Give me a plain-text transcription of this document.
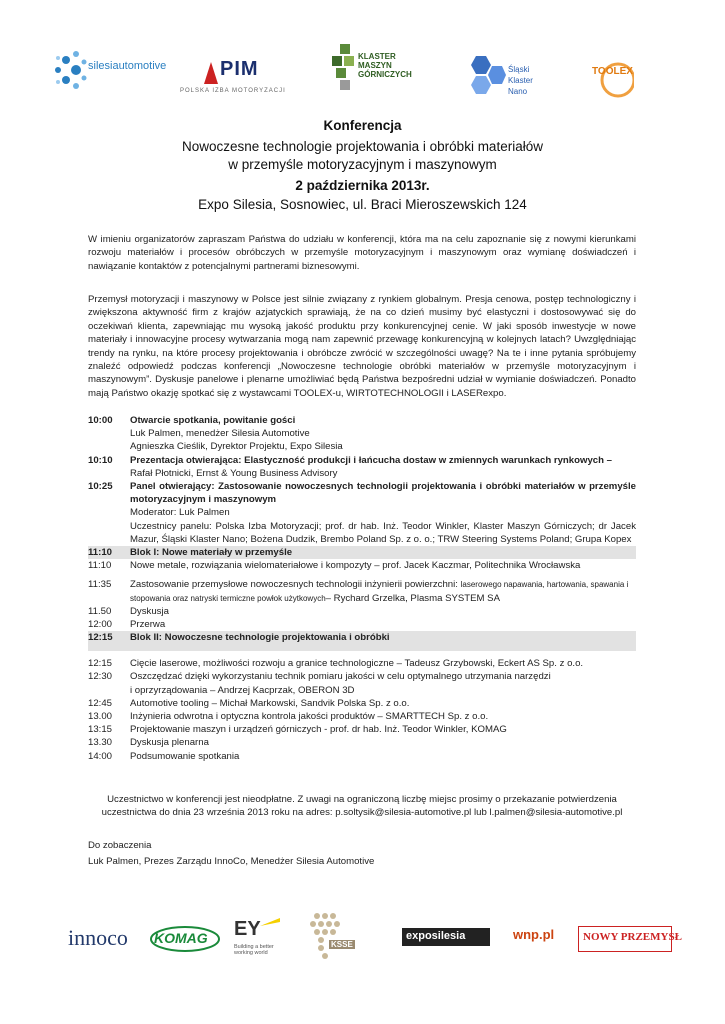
silesiautomotive	PIM
POLSKA IZBA MOTORYZACJI
KLASTER MASZYN GÓRNICZYCH
Śląski Klaster Nano
TOOLEX
Konferencja
Nowoczesne technologie projektowania i obróbki materiałów
w przemyśle motoryzacyjnym i maszynowym
2 października 2013r.
Expo Silesia, Sosnowiec, ul. Braci Mieroszewskich 124
W imieniu organizatorów zapraszam Państwa do udziału w konferencji, która ma na celu zapoznanie się z nowymi kierunkami rozwoju materiałów i procesów obróbczych w przemyśle motoryzacyjnym i maszynowym oraz wymianę doświadczeń i nawiązanie kontaktów z potencjalnymi partnerami biznesowymi.
Przemysł motoryzacji i maszynowy w Polsce jest silnie związany z rynkiem globalnym. Presja cenowa, postęp technologiczny i zwiększona aktywność firm z krajów azjatyckich sprawiają, że na co dzień musimy być elastyczni i dostosowywać się do oczekiwań klienta, zapewniając mu wysoką jakość produktu przy konkurencyjnej cenie. W jaki sposób inwestycje w nowe materiały i innowacyjne procesy wytwarzania mogą nam zapewnić przewagę konkurencyjną w kolejnych latach? Uwzględniając trendy na rynku, na które procesy projektowania i obróbcze zwrócić w szczególności uwagę? Na te i inne pytania spróbujemy znaleźć odpowiedź podczas konferencji „Nowoczesne technologie obróbki materiałów w przemyśle motoryzacyjnym i maszynowym”. Dyskusje panelowe i plenarne umożliwiać będą Państwa bezpośredni udział w wymianie doświadczeń. Ponadto mają Państwo okazję spotkać się z wystawcami TOOLEX-u, WIRTOTECHNOLOGII i LASERexpo.
10:00	Otwarcie spotkania, powitanie gości
Luk Palmen, menedżer Silesia Automotive
Agnieszka Cieślik, Dyrektor Projektu, Expo Silesia
10:10	Prezentacja otwierająca: Elastyczność produkcji i łańcucha dostaw w zmiennych warunkach rynkowych –
Rafał Płotnicki, Ernst & Young Business Advisory
10:25	Panel otwierający: Zastosowanie nowoczesnych technologii projektowania i obróbki materiałów w przemyśle motoryzacyjnym i maszynowym
Moderator: Luk Palmen
Uczestnicy panelu: Polska Izba Motoryzacji; prof. dr hab. Inż. Teodor Winkler, Klaster Maszyn Górniczych; dr Jacek Mazur, Śląski Klaster Nano; Bożena Dudzik, Brembo Poland Sp. z o. o.; TRW Steering Systems Poland; Grupa Kopex
11:10	Blok I: Nowe materiały w przemyśle
11:10	Nowe metale, rozwiązania wielomateriałowe i kompozyty – prof. Jacek Kaczmar, Politechnika Wrocławska
11:35	Zastosowanie przemysłowe nowoczesnych technologii inżynierii powierzchni: laserowego napawania, hartowania, spawania i stopowania oraz natryski termiczne powłok użytkowych– Rychard Grzelka, Plasma SYSTEM SA
11.50	Dyskusja
12:00	Przerwa
12:15	Blok II: Nowoczesne technologie projektowania i obróbki
12:15	Cięcie laserowe, możliwości rozwoju a granice technologiczne – Tadeusz Grzybowski, Eckert AS Sp. z o.o.
12:30	Oszczędzać dzięki wykorzystaniu technik pomiaru jakości w celu optymalnego utrzymania narzędzi
i oprzyrządowania – Andrzej Kacprzak, OBERON 3D
12:45	Automotive tooling – Michał Markowski, Sandvik Polska Sp. z o.o.
13.00	Inżynieria odwrotna i optyczna kontrola jakości produktów – SMARTTECH Sp. z o.o.
13:15	Projektowanie maszyn i urządzeń górniczych - prof. dr hab. Inż. Teodor Winkler, KOMAG
13.30	Dyskusja plenarna
14:00	Podsumowanie spotkania
Uczestnictwo w konferencji jest nieodpłatne. Z uwagi na ograniczoną liczbę miejsc prosimy o przekazanie potwierdzenia uczestnictwa do dnia 23 września 2013 roku na adres: p.soltysik@silesia-automotive.pl lub l.palmen@silesia-automotive.pl
Do zobaczenia
Luk Palmen, Prezes Zarządu InnoCo, Menedżer Silesia Automotive
innoco KOMAG EY
Building a better working world
KSSE
exposilesia	wnp.pl	NOWY PRZEMYSŁ
